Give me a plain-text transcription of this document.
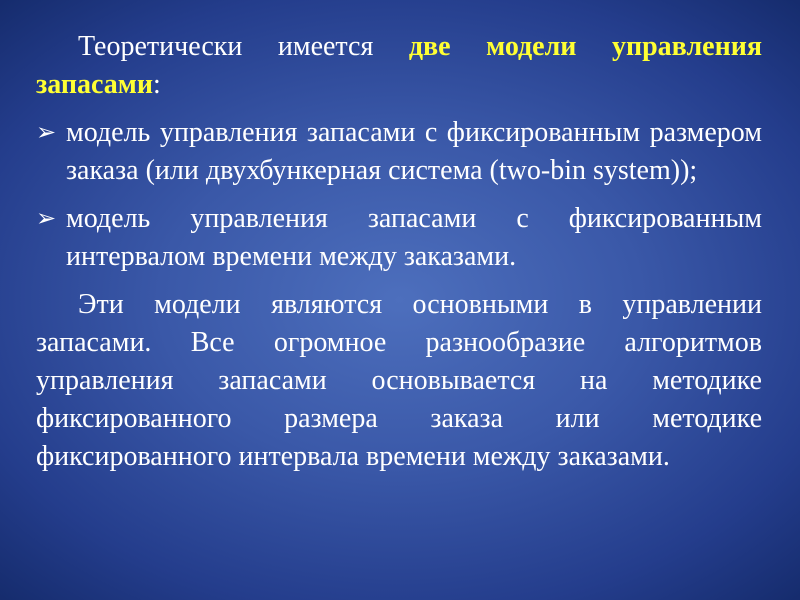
Теоретически имеется две модели управления запасами:

➢ модель управления запасами с фиксированным размером заказа (или двухбункерная система (two-bin system));
➢ модель управления запасами с фиксированным интервалом времени между заказами.

Эти модели являются основными в управлении запасами. Все огромное разнообразие алгоритмов управления запасами основывается на методике фиксированного размера заказа или методике фиксированного интервала времени между заказами.
